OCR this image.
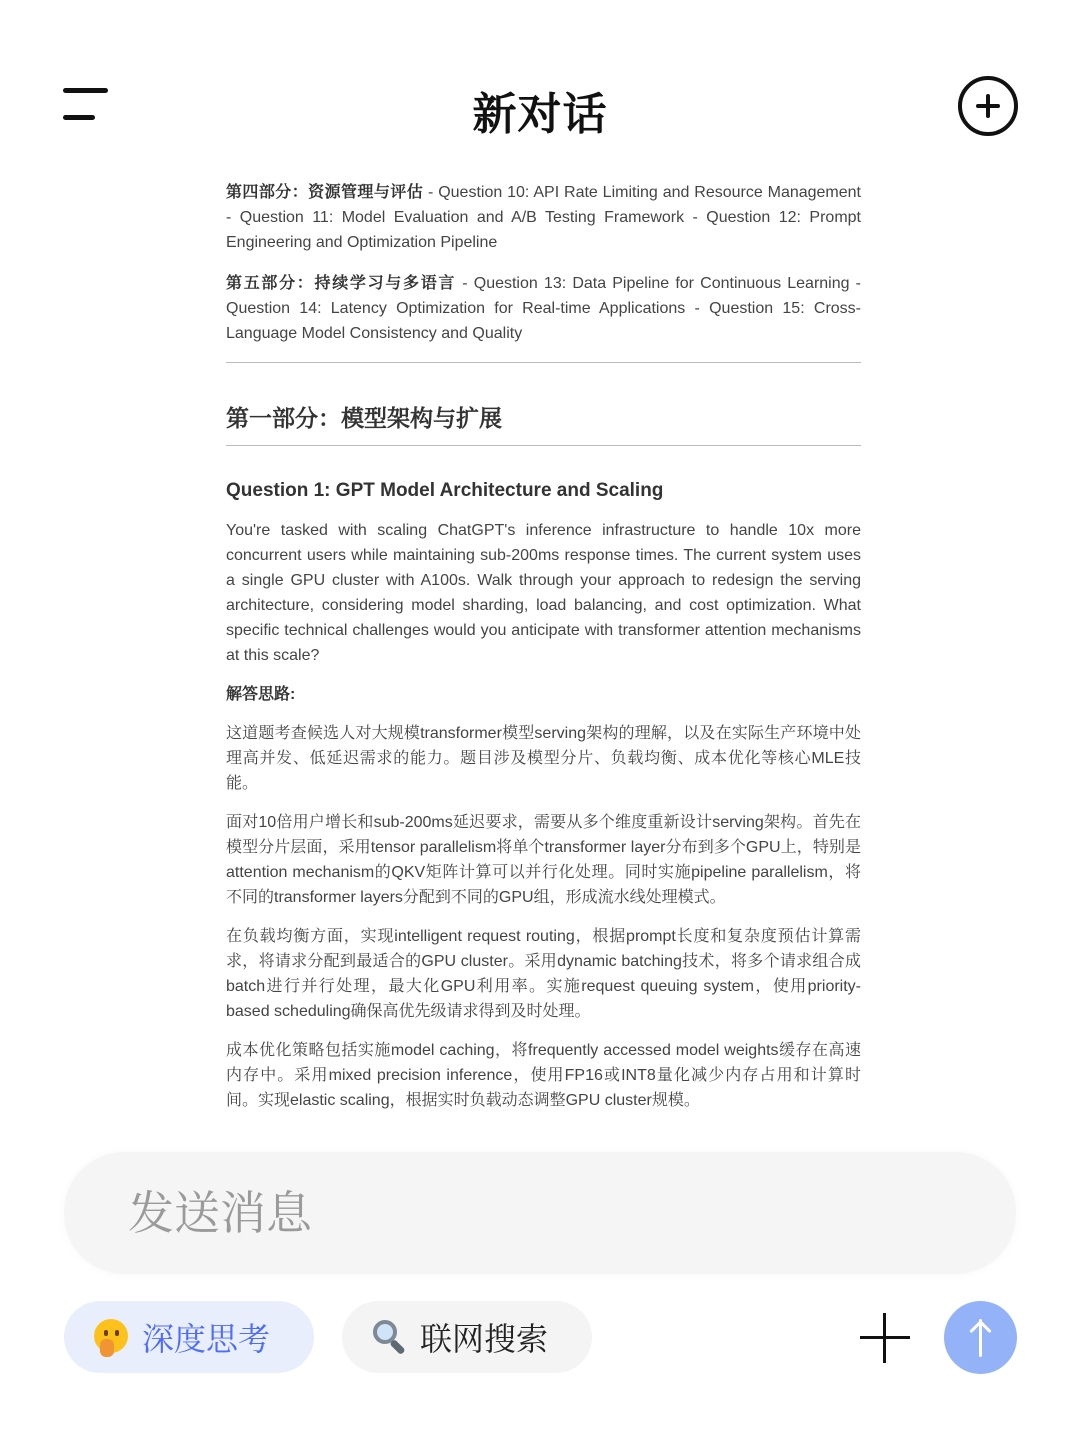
新对话

第四部分：资源管理与评估 - Question 10: API Rate Limiting and Resource Management - Question 11: Model Evaluation and A/B Testing Framework - Question 12: Prompt Engineering and Optimization Pipeline

第五部分：持续学习与多语言 - Question 13: Data Pipeline for Continuous Learning - Question 14: Latency Optimization for Real-time Applications - Question 15: Cross-Language Model Consistency and Quality

第一部分：模型架构与扩展
Question 1: GPT Model Architecture and Scaling

You're tasked with scaling ChatGPT's inference infrastructure to handle 10x more concurrent users while maintaining sub-200ms response times. The current system uses a single GPU cluster with A100s. Walk through your approach to redesign the serving architecture, considering model sharding, load balancing, and cost optimization. What specific technical challenges would you anticipate with transformer attention mechanisms at this scale?

解答思路:

这道题考查候选人对大规模transformer模型serving架构的理解，以及在实际生产环境中处理高并发、低延迟需求的能力。题目涉及模型分片、负载均衡、成本优化等核心MLE技能。

面对10倍用户增长和sub-200ms延迟要求，需要从多个维度重新设计serving架构。首先在模型分片层面，采用tensor parallelism将单个transformer layer分布到多个GPU上，特别是attention mechanism的QKV矩阵计算可以并行化处理。同时实施pipeline parallelism，将不同的transformer layers分配到不同的GPU组，形成流水线处理模式。

在负载均衡方面，实现intelligent request routing，根据prompt长度和复杂度预估计算需求，将请求分配到最适合的GPU cluster。采用dynamic batching技术，将多个请求组合成batch进行并行处理，最大化GPU利用率。实施request queuing system，使用priority-based scheduling确保高优先级请求得到及时处理。

成本优化策略包括实施model caching，将frequently accessed model weights缓存在高速内存中。采用mixed precision inference，使用FP16或INT8量化减少内存占用和计算时间。实现elastic scaling，根据实时负载动态调整GPU cluster规模。

发送消息
深度思考	联网搜索
